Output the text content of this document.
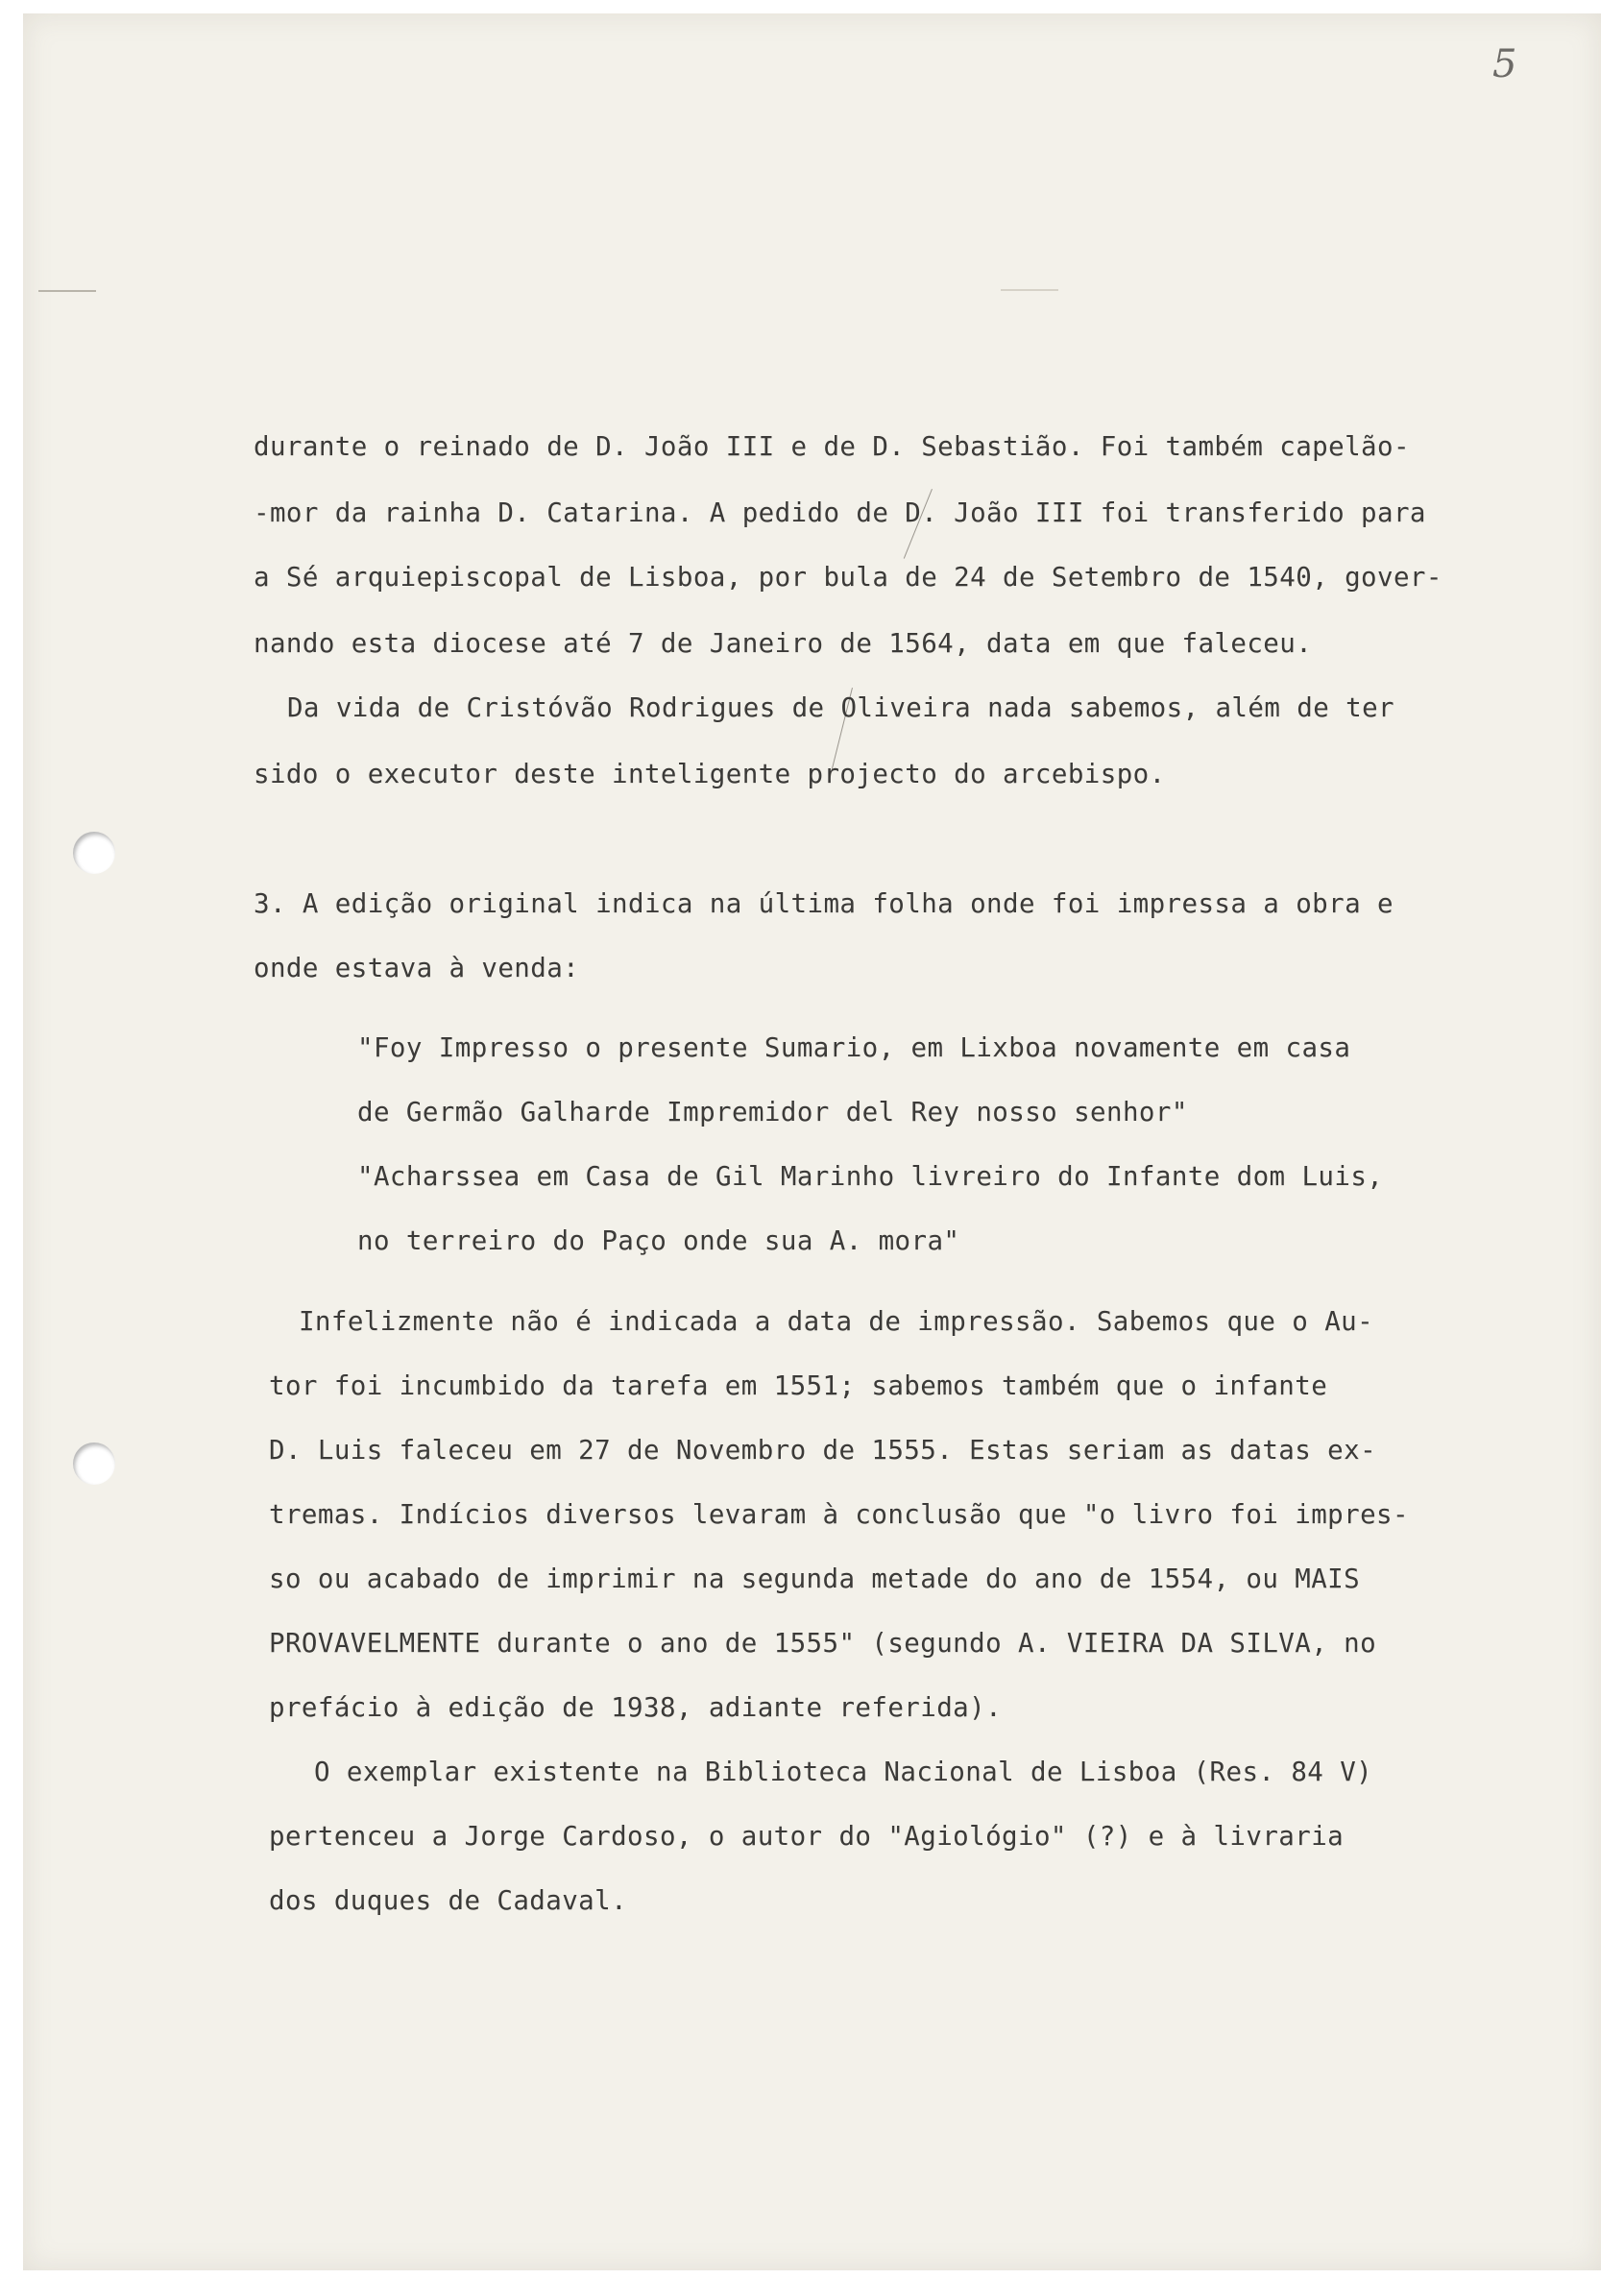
5
durante o reinado de D. João III e de D. Sebastião. Foi também capelão-
-mor da rainha D. Catarina. A pedido de D. João III foi transferido para
a Sé arquiepiscopal de Lisboa, por bula de 24 de Setembro de 1540, gover-
nando esta diocese até 7 de Janeiro de 1564, data em que faleceu.
Da vida de Cristóvão Rodrigues de Oliveira nada sabemos, além de ter
sido o executor deste inteligente projecto do arcebispo.
3. A edição original indica na última folha onde foi impressa a obra e
onde estava à venda:
"Foy Impresso o presente Sumario, em Lixboa novamente em casa
de Germão Galharde Impremidor del Rey nosso senhor"
"Acharssea em Casa de Gil Marinho livreiro do Infante dom Luis,
no terreiro do Paço onde sua A. mora"
Infelizmente não é indicada a data de impressão. Sabemos que o Au-
tor foi incumbido da tarefa em 1551; sabemos também que o infante
D. Luis faleceu em 27 de Novembro de 1555. Estas seriam as datas ex-
tremas. Indícios diversos levaram à conclusão que "o livro foi impres-
so ou acabado de imprimir na segunda metade do ano de 1554, ou MAIS
PROVAVELMENTE durante o ano de 1555" (segundo A. VIEIRA DA SILVA, no
prefácio à edição de 1938, adiante referida).
O exemplar existente na Biblioteca Nacional de Lisboa (Res. 84 V)
pertenceu a Jorge Cardoso, o autor do "Agiológio" (?) e à livraria
dos duques de Cadaval.
